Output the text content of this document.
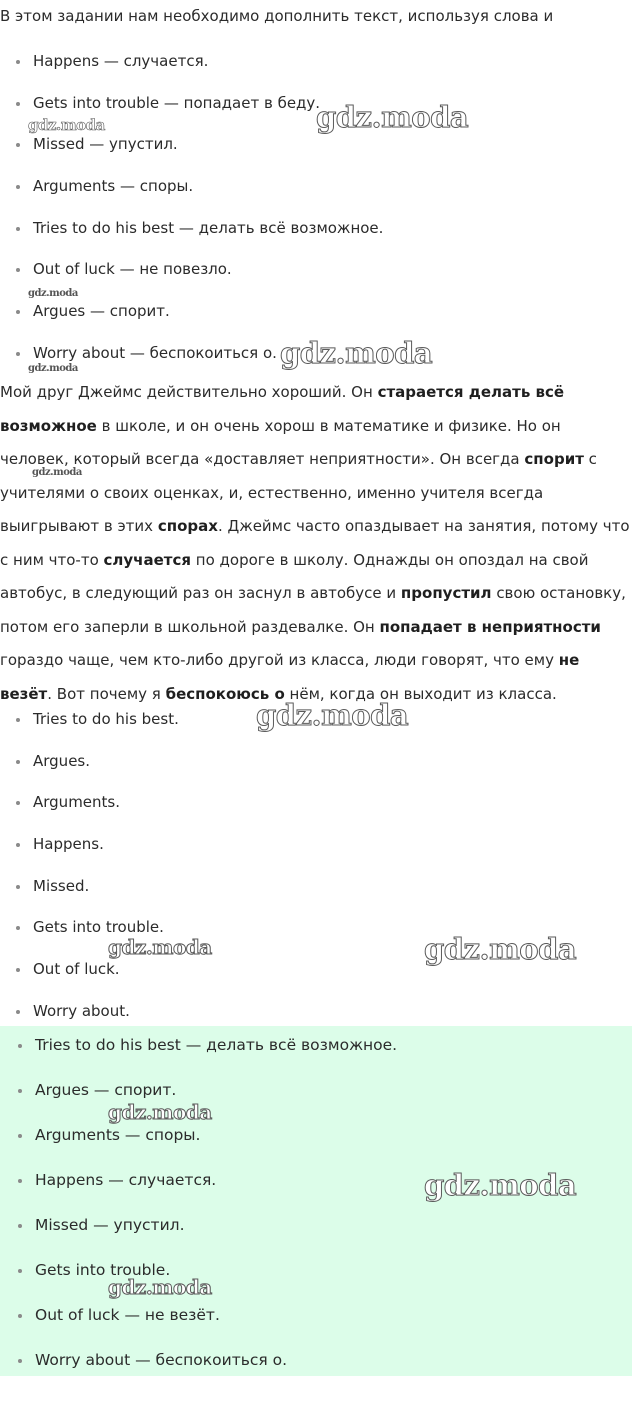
В этом задании нам необходимо дополнить текст, используя слова и
Happens — случается.
Gets into trouble — попадает в беду.
Missed — упустил.
Arguments — споры.
Tries to do his best — делать всё возможное.
Out of luck — не повезло.
Argues — спорит.
Worry about — беспокоиться о.
Мой друг Джеймс действительно хороший. Он старается делать всё возможное в школе, и он очень хорош в математике и физике. Но он человек, который всегда «доставляет неприятности». Он всегда спорит с учителями о своих оценках, и, естественно, именно учителя всегда выигрывают в этих спорах. Джеймс часто опаздывает на занятия, потому что с ним что-то случается по дороге в школу. Однажды он опоздал на свой автобус, в следующий раз он заснул в автобусе и пропустил свою остановку, потом его заперли в школьной раздевалке. Он попадает в неприятности гораздо чаще, чем кто-либо другой из класса, люди говорят, что ему не везёт. Вот почему я беспокоюсь о нём, когда он выходит из класса.
Tries to do his best.
Argues.
Arguments.
Happens.
Missed.
Gets into trouble.
Out of luck.
Worry about.
Tries to do his best — делать всё возможное.
Argues — спорит.
Arguments — споры.
Happens — случается.
Missed — упустил.
Gets into trouble.
Out of luck — не везёт.
Worry about — беспокоиться о.
gdz.moda
gdz.moda
gdz.moda
gdz.moda
gdz.moda
gdz.moda
gdz.moda
gdz.moda	gdz.moda
gdz.moda
gdz.moda
gdz.moda
